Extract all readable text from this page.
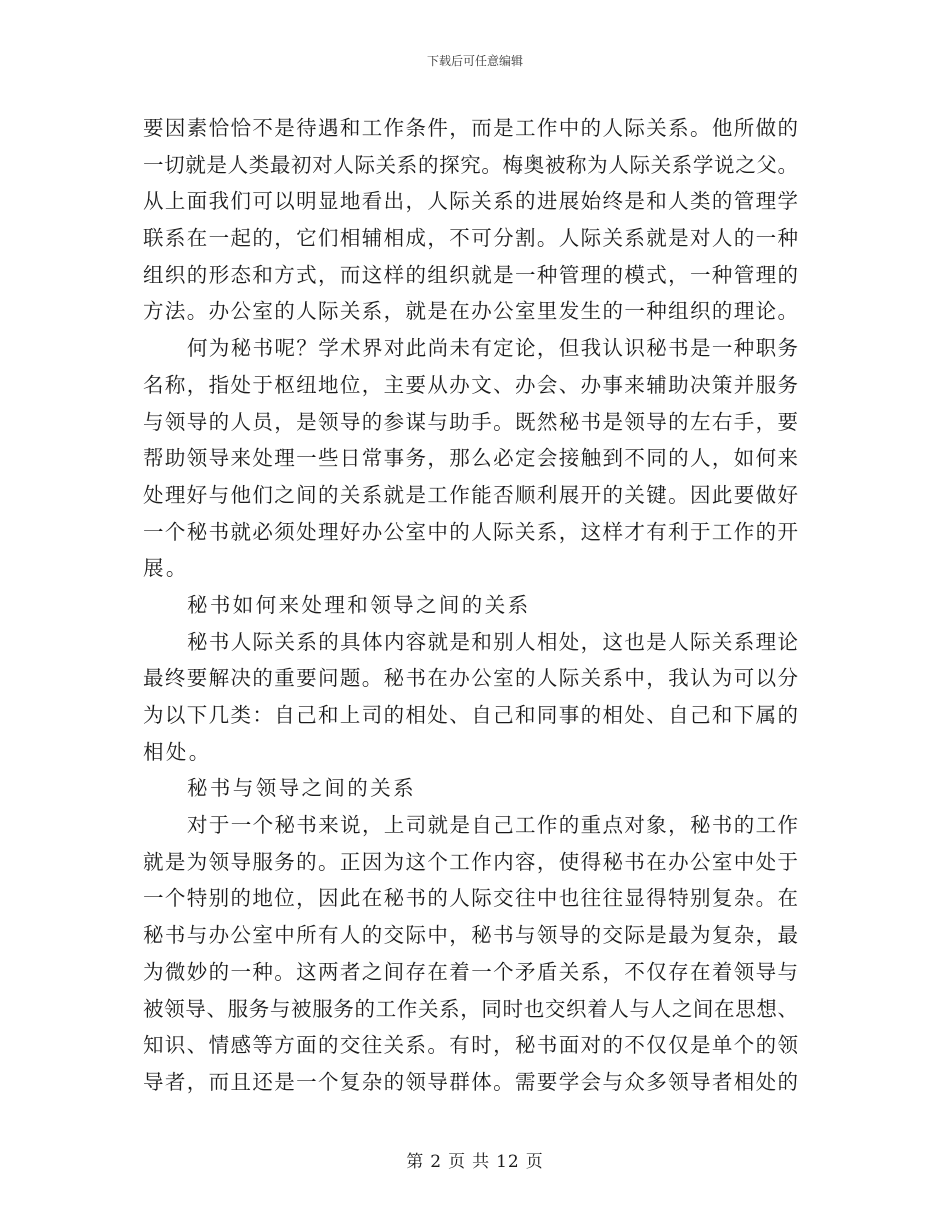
下载后可任意编辑
要因素恰恰不是待遇和工作条件，而是工作中的人际关系。他所做的
一切就是人类最初对人际关系的探究。梅奥被称为人际关系学说之父。
从上面我们可以明显地看出，人际关系的进展始终是和人类的管理学
联系在一起的，它们相辅相成，不可分割。人际关系就是对人的一种
组织的形态和方式，而这样的组织就是一种管理的模式，一种管理的
方法。办公室的人际关系，就是在办公室里发生的一种组织的理论。
何为秘书呢？学术界对此尚未有定论，但我认识秘书是一种职务
名称，指处于枢纽地位，主要从办文、办会、办事来辅助决策并服务
与领导的人员，是领导的参谋与助手。既然秘书是领导的左右手，要
帮助领导来处理一些日常事务，那么必定会接触到不同的人，如何来
处理好与他们之间的关系就是工作能否顺利展开的关键。因此要做好
一个秘书就必须处理好办公室中的人际关系，这样才有利于工作的开
展。
秘书如何来处理和领导之间的关系
秘书人际关系的具体内容就是和别人相处，这也是人际关系理论
最终要解决的重要问题。秘书在办公室的人际关系中，我认为可以分
为以下几类：自己和上司的相处、自己和同事的相处、自己和下属的
相处。
秘书与领导之间的关系
对于一个秘书来说，上司就是自己工作的重点对象，秘书的工作
就是为领导服务的。正因为这个工作内容，使得秘书在办公室中处于
一个特别的地位，因此在秘书的人际交往中也往往显得特别复杂。在
秘书与办公室中所有人的交际中，秘书与领导的交际是最为复杂，最
为微妙的一种。这两者之间存在着一个矛盾关系，不仅存在着领导与
被领导、服务与被服务的工作关系，同时也交织着人与人之间在思想、
知识、情感等方面的交往关系。有时，秘书面对的不仅仅是单个的领
导者，而且还是一个复杂的领导群体。需要学会与众多领导者相处的
第 2 页 共 12 页
